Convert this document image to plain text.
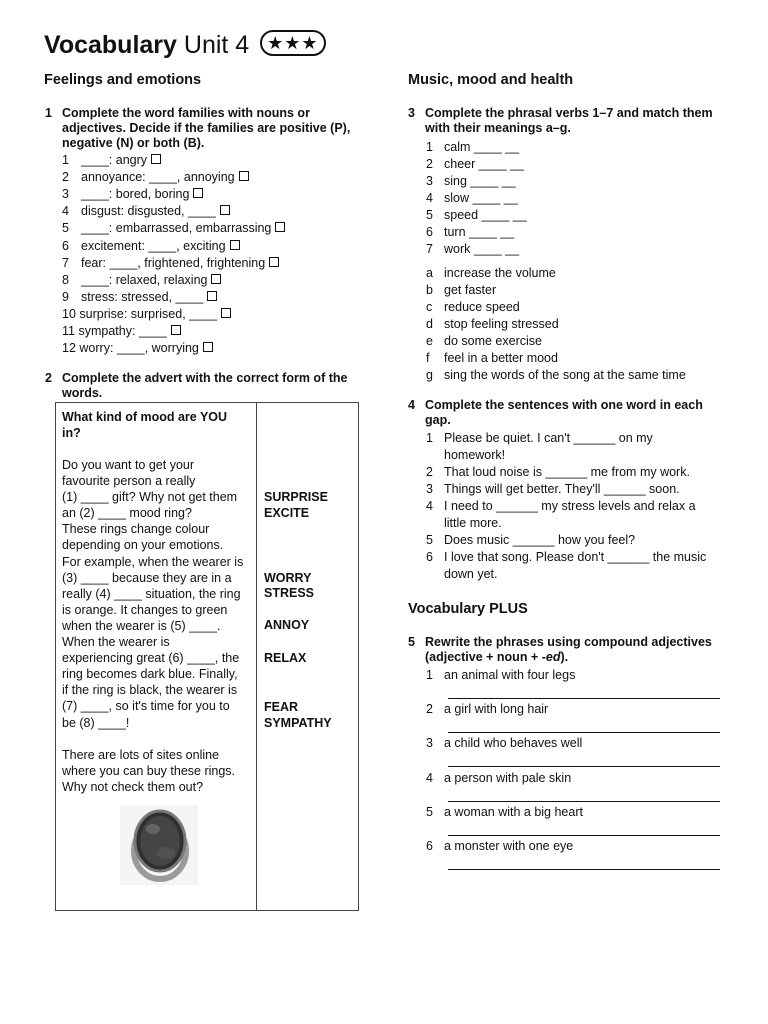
Vocabulary Unit 4 ★★★
Feelings and emotions
1 Complete the word families with nouns or
adjectives. Decide if the families are positive (P),
negative (N) or both (B).
1 ____: angry
2 annoyance: ____, annoying
3 ____: bored, boring
4 disgust: disgusted, ____
5 ____: embarrassed, embarrassing
6 excitement: ____, exciting
7 fear: ____, frightened, frightening
8 ____: relaxed, relaxing
9 stress: stressed, ____
10 surprise: surprised, ____
11 sympathy: ____
12 worry: ____, worrying
2 Complete the advert with the correct form of the
words.
What kind of mood are YOU
in?
Do you want to get your
favourite person a really
(1) ____ gift? Why not get them
an (2) ____ mood ring?
These rings change colour
depending on your emotions.
For example, when the wearer is
(3) ____ because they are in a
really (4) ____ situation, the ring
is orange. It changes to green
when the wearer is (5) ____.
When the wearer is
experiencing great (6) ____, the
ring becomes dark blue. Finally,
if the ring is black, the wearer is
(7) ____, so it's time for you to
be (8) ____!

There are lots of sites online
where you can buy these rings.
Why not check them out?
SURPRISE
EXCITE
WORRY
STRESS
ANNOY
RELAX
FEAR
SYMPATHY
Music, mood and health
3 Complete the phrasal verbs 1–7 and match them
with their meanings a–g.
1 calm ____ __
2 cheer ____ __
3 sing ____ __
4 slow ____ __
5 speed ____ __
6 turn ____ __
7 work ____ __
a increase the volume
b get faster
c reduce speed
d stop feeling stressed
e do some exercise
f feel in a better mood
g sing the words of the song at the same time
4 Complete the sentences with one word in each
gap.
1 Please be quiet. I can't ______ on my
homework!
2 That loud noise is ______ me from my work.
3 Things will get better. They'll ______ soon.
4 I need to ______ my stress levels and relax a
little more.
5 Does music ______ how you feel?
6 I love that song. Please don't ______ the music
down yet.
Vocabulary PLUS
5 Rewrite the phrases using compound adjectives
(adjective + noun + -ed).
1 an animal with four legs
2 a girl with long hair
3 a child who behaves well
4 a person with pale skin
5 a woman with a big heart
6 a monster with one eye
